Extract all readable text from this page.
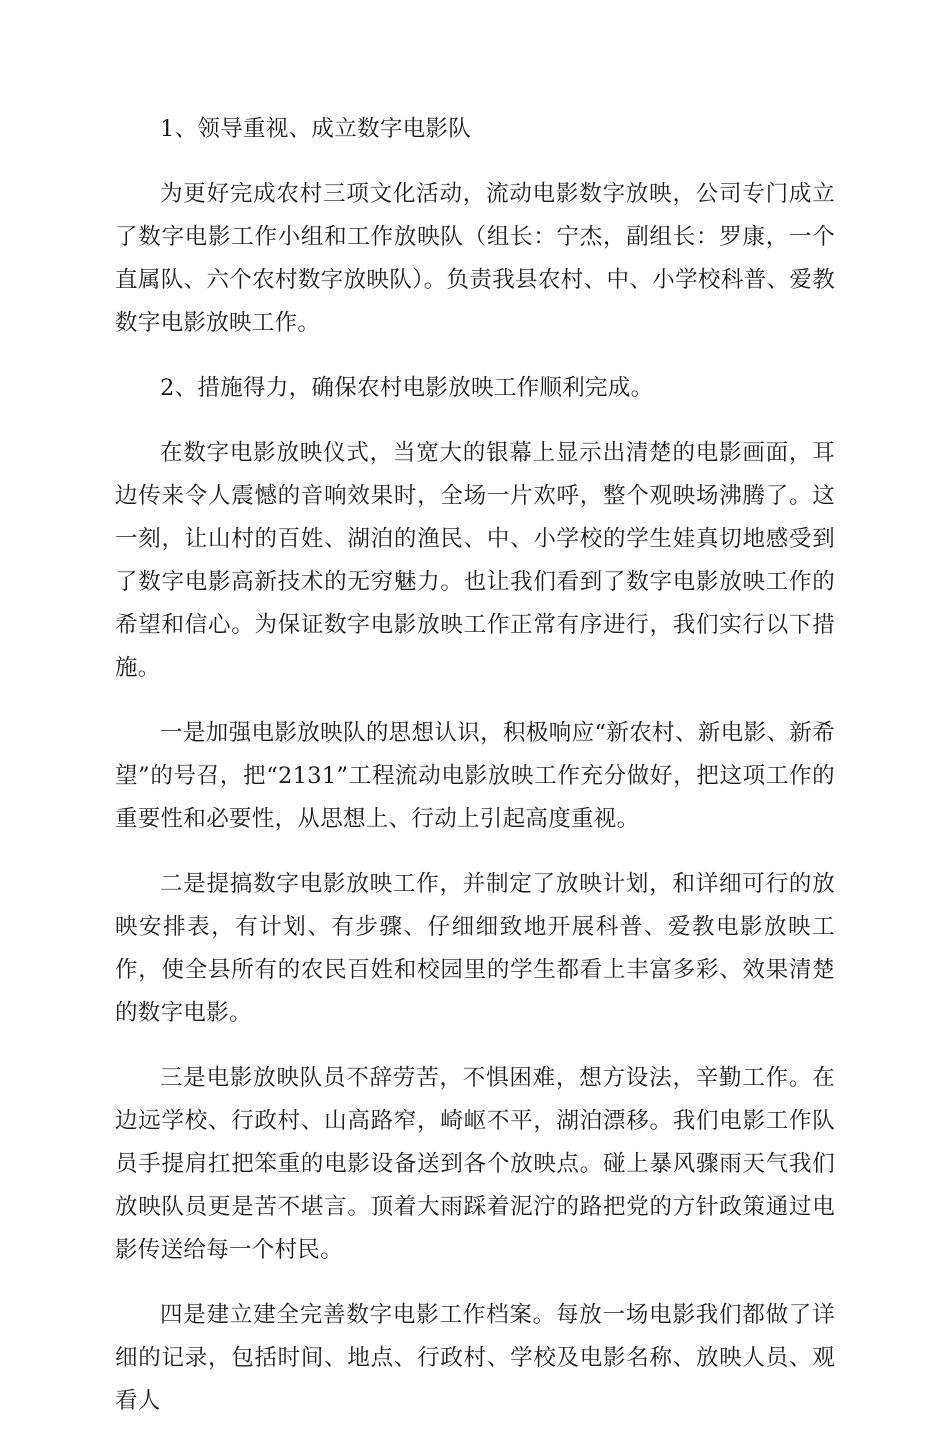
1、领导重视、成立数字电影队

为更好完成农村三项文化活动，流动电影数字放映，公司专门成立了数字电影工作小组和工作放映队（组长：宁杰，副组长：罗康，一个直属队、六个农村数字放映队）。负责我县农村、中、小学校科普、爱教数字电影放映工作。

2、措施得力，确保农村电影放映工作顺利完成。

在数字电影放映仪式，当宽大的银幕上显示出清楚的电影画面，耳边传来令人震憾的音响效果时，全场一片欢呼，整个观映场沸腾了。这一刻，让山村的百姓、湖泊的渔民、中、小学校的学生娃真切地感受到了数字电影高新技术的无穷魅力。也让我们看到了数字电影放映工作的希望和信心。为保证数字电影放映工作正常有序进行，我们实行以下措施。

一是加强电影放映队的思想认识，积极响应“新农村、新电影、新希望”的号召，把“2131”工程流动电影放映工作充分做好，把这项工作的重要性和必要性，从思想上、行动上引起高度重视。

二是提搞数字电影放映工作，并制定了放映计划，和详细可行的放映安排表，有计划、有步骤、仔细细致地开展科普、爱教电影放映工作，使全县所有的农民百姓和校园里的学生都看上丰富多彩、效果清楚的数字电影。

三是电影放映队员不辞劳苦，不惧困难，想方设法，辛勤工作。在边远学校、行政村、山高路窄，崎岖不平，湖泊漂移。我们电影工作队员手提肩扛把笨重的电影设备送到各个放映点。碰上暴风骤雨天气我们放映队员更是苦不堪言。顶着大雨踩着泥泞的路把党的方针政策通过电影传送给每一个村民。

四是建立建全完善数字电影工作档案。每放一场电影我们都做了详细的记录，包括时间、地点、行政村、学校及电影名称、放映人员、观看人
